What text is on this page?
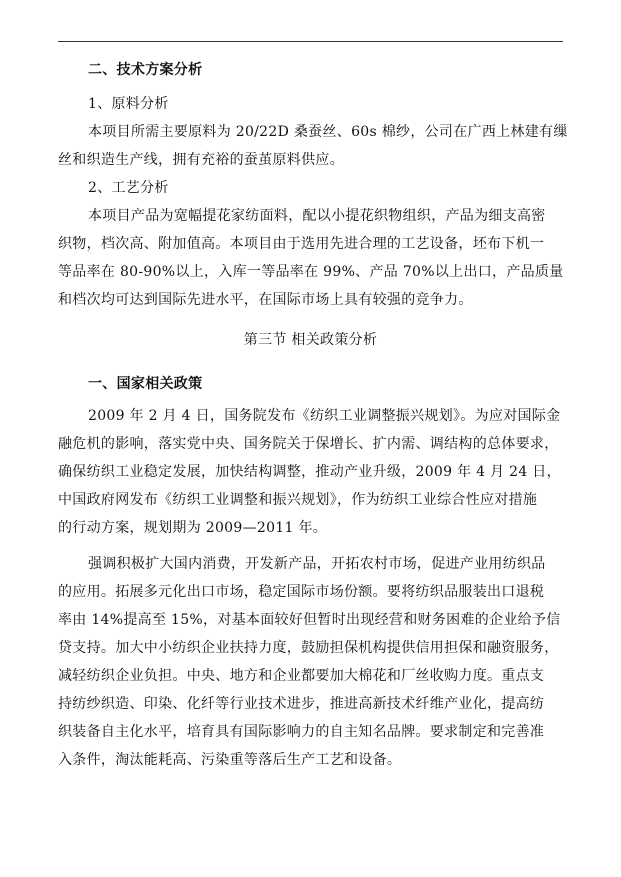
二、技术方案分析
1、原料分析
本项目所需主要原料为 20/22D 桑蚕丝、60s 棉纱，公司在广西上林建有缫
丝和织造生产线，拥有充裕的蚕茧原料供应。
2、工艺分析
本项目产品为宽幅提花家纺面料，配以小提花织物组织，产品为细支高密
织物，档次高、附加值高。本项目由于选用先进合理的工艺设备，坯布下机一
等品率在 80-90%以上，入库一等品率在 99%、产品 70%以上出口，产品质量
和档次均可达到国际先进水平，在国际市场上具有较强的竞争力。
第三节 相关政策分析
一、国家相关政策
2009 年 2 月 4 日，国务院发布《纺织工业调整振兴规划》。为应对国际金
融危机的影响，落实党中央、国务院关于保增长、扩内需、调结构的总体要求，
确保纺织工业稳定发展，加快结构调整，推动产业升级，2009 年 4 月 24 日，
中国政府网发布《纺织工业调整和振兴规划》，作为纺织工业综合性应对措施
的行动方案，规划期为 2009—2011 年。
强调积极扩大国内消费，开发新产品，开拓农村市场，促进产业用纺织品
的应用。拓展多元化出口市场，稳定国际市场份额。要将纺织品服装出口退税
率由 14%提高至 15%，对基本面较好但暂时出现经营和财务困难的企业给予信
贷支持。加大中小纺织企业扶持力度，鼓励担保机构提供信用担保和融资服务，
减轻纺织企业负担。中央、地方和企业都要加大棉花和厂丝收购力度。重点支
持纺纱织造、印染、化纤等行业技术进步，推进高新技术纤维产业化，提高纺
织装备自主化水平，培育具有国际影响力的自主知名品牌。要求制定和完善准
入条件，淘汰能耗高、污染重等落后生产工艺和设备。
